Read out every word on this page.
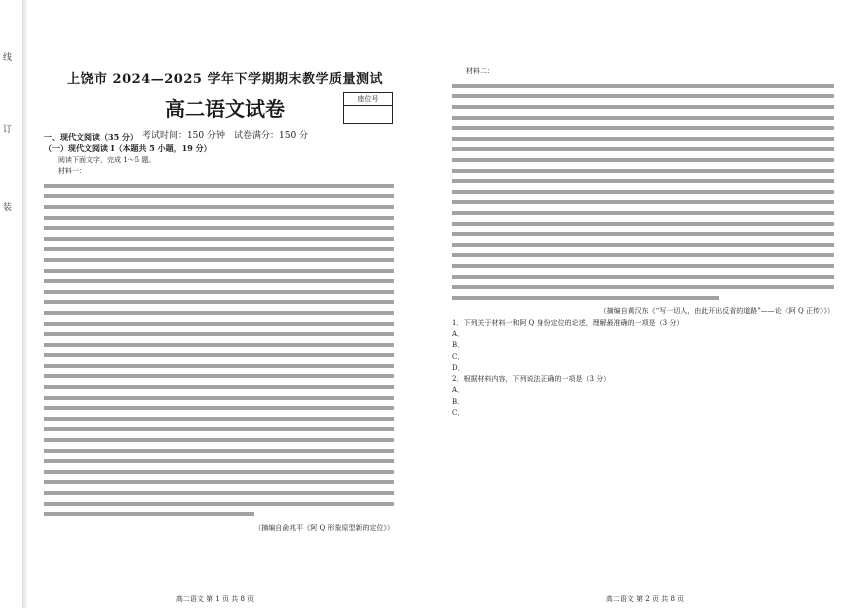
线
订
装
上饶市 2024—2025 学年下学期期末教学质量测试
高二语文试卷
考试时间：150 分钟　试卷满分：150 分
座位号

一、现代文阅读（35 分）

（一）现代文阅读 I（本题共 5 小题，19 分）

阅读下面文字，完成 1～5 题。

材料一：

（摘编自俞兆平《阿 Q 形象原型新的定位》）

高二语文 第 1 页 共 8 页

材料二：

（摘编自黄汉东《“写一切人，由此开出反省的道路”——论〈阿 Q 正传〉》）

1．下列关于材料一和阿 Q 身份定位的论述，理解最准确的一项是（3 分）

A．

B．

C．

D．

2．根据材料内容，下列说法正确的一项是（3 分）

A．

B．

C．

高二语文 第 2 页 共 8 页
